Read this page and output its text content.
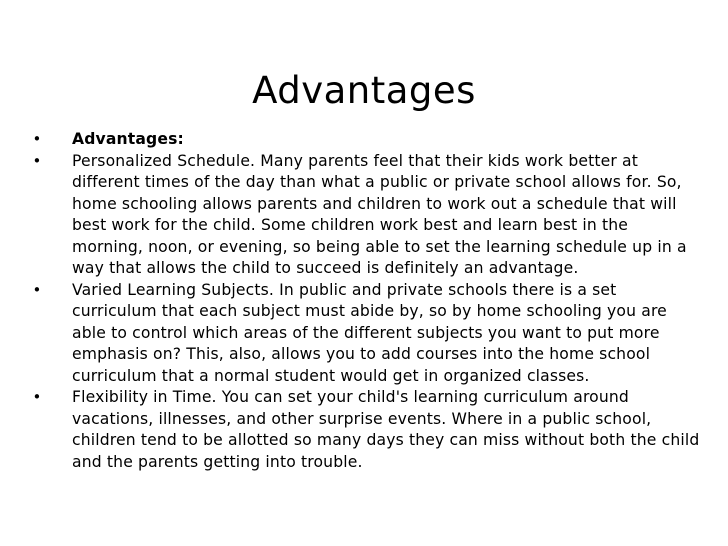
Advantages
• Advantages:
• Personalized Schedule. Many parents feel that their kids work better at different times of the day than what a public or private school allows for. So, home schooling allows parents and children to work out a schedule that will best work for the child. Some children work best and learn best in the morning, noon, or evening, so being able to set the learning schedule up in a way that allows the child to succeed is definitely an advantage.
• Varied Learning Subjects. In public and private schools there is a set curriculum that each subject must abide by, so by home schooling you are able to control which areas of the different subjects you want to put more emphasis on? This, also, allows you to add courses into the home school curriculum that a normal student would get in organized classes.
• Flexibility in Time. You can set your child's learning curriculum around vacations, illnesses, and other surprise events. Where in a public school, children tend to be allotted so many days they can miss without both the child and the parents getting into trouble.
